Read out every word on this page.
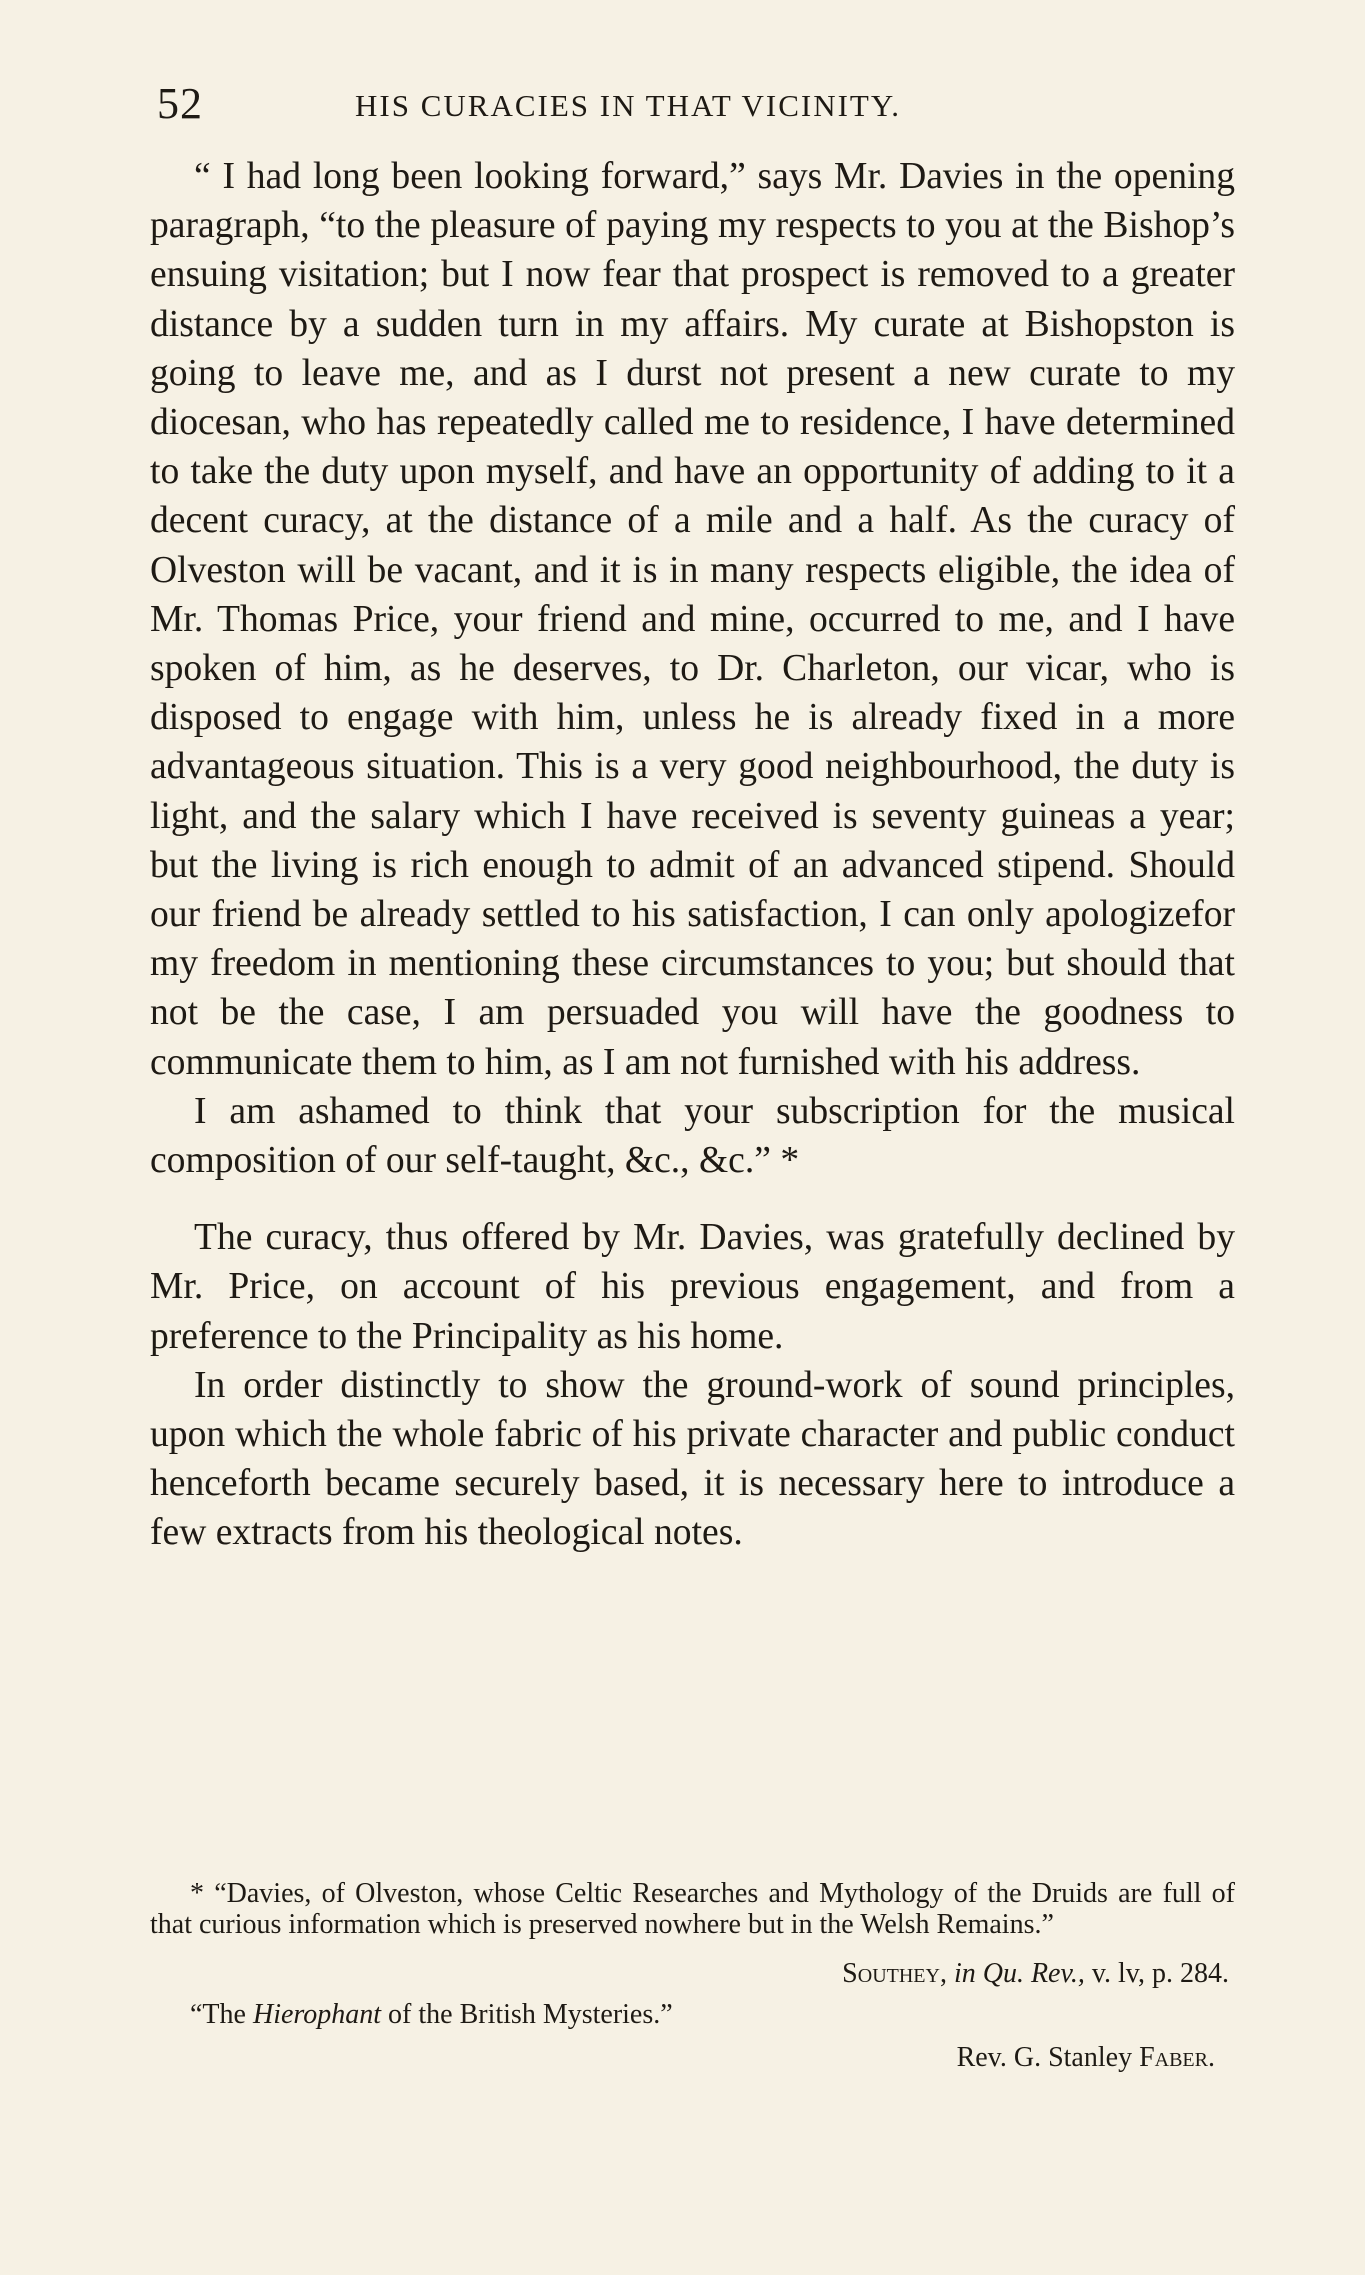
52	HIS CURACIES IN THAT VICINITY.

“ I had long been looking forward,” says Mr. Davies in the opening paragraph, “to the pleasure of paying my respects to you at the Bishop’s ensuing visitation; but I now fear that prospect is removed to a greater distance by a sudden turn in my affairs. My curate at Bishopston is going to leave me, and as I durst not present a new curate to my diocesan, who has repeatedly called me to residence, I have determined to take the duty upon myself, and have an opportunity of adding to it a decent curacy, at the distance of a mile and a half. As the curacy of Olveston will be vacant, and it is in many respects eligible, the idea of Mr. Thomas Price, your friend and mine, occurred to me, and I have spoken of him, as he deserves, to Dr. Charleton, our vicar, who is disposed to engage with him, unless he is already fixed in a more advantageous situation. This is a very good neighbourhood, the duty is light, and the salary which I have received is seventy guineas a year; but the living is rich enough to admit of an advanced stipend. Should our friend be already settled to his satisfaction, I can only apologizefor my freedom in mentioning these circumstances to you; but should that not be the case, I am persuaded you will have the goodness to communicate them to him, as I am not furnished with his address.

I am ashamed to think that your subscription for the musical composition of our self-taught, &c., &c.” *

The curacy, thus offered by Mr. Davies, was gratefully declined by Mr. Price, on account of his previous engagement, and from a preference to the Principality as his home.

In order distinctly to show the ground-work of sound principles, upon which the whole fabric of his private character and public conduct henceforth became securely based, it is necessary here to introduce a few extracts from his theological notes.

* “Davies, of Olveston, whose Celtic Researches and Mythology of the Druids are full of that curious information which is preserved nowhere but in the Welsh Remains.”

Southey, in Qu. Rev., v. lv, p. 284.

“The Hierophant of the British Mysteries.”

Rev. G. Stanley Faber.
